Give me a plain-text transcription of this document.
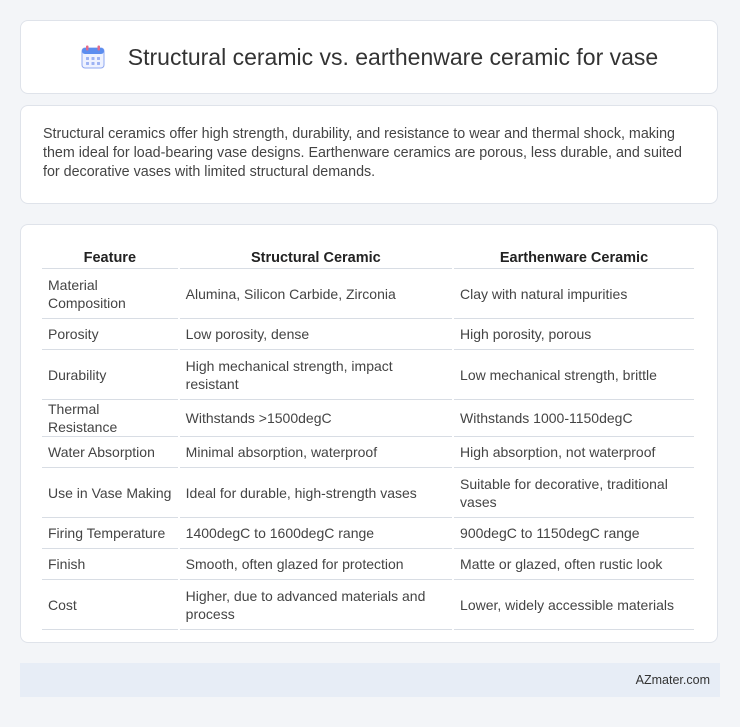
Structural ceramic vs. earthenware ceramic for vase

Structural ceramics offer high strength, durability, and resistance to wear and thermal shock, making them ideal for load-bearing vase designs. Earthenware ceramics are porous, less durable, and suited for decorative vases with limited structural demands.

Feature	Structural Ceramic	Earthenware Ceramic
Material Composition	Alumina, Silicon Carbide, Zirconia	Clay with natural impurities
Porosity	Low porosity, dense	High porosity, porous
Durability	High mechanical strength, impact resistant	Low mechanical strength, brittle
Thermal Resistance	Withstands >1500degC	Withstands 1000-1150degC
Water Absorption	Minimal absorption, waterproof	High absorption, not waterproof
Use in Vase Making	Ideal for durable, high-strength vases	Suitable for decorative, traditional vases
Firing Temperature	1400degC to 1600degC range	900degC to 1150degC range
Finish	Smooth, often glazed for protection	Matte or glazed, often rustic look
Cost	Higher, due to advanced materials and process	Lower, widely accessible materials
AZmater.com
